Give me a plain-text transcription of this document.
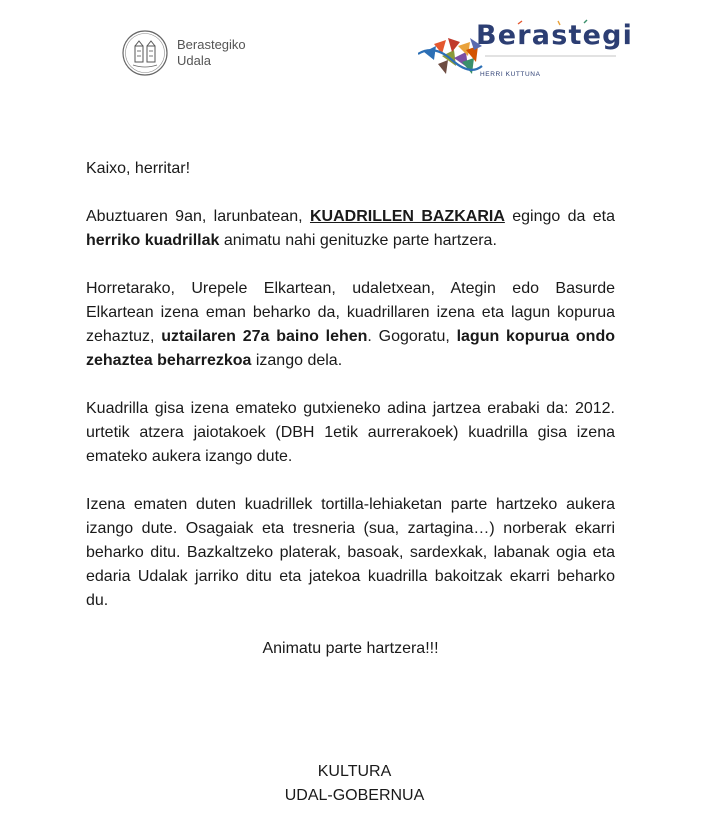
Berastegiko
Udala
Berastegi
HERRI KUTTUNA

Kaixo, herritar!

Abuztuaren 9an, larunbatean, KUADRILLEN BAZKARIA egingo da eta herriko kuadrillak animatu nahi genituzke parte hartzera.

Horretarako, Urepele Elkartean, udaletxean, Ategin edo Basurde Elkartean izena eman beharko da, kuadrillaren izena eta lagun kopurua zehaztuz, uztailaren 27a baino lehen. Gogoratu, lagun kopurua ondo zehaztea beharrezkoa izango dela.

Kuadrilla gisa izena emateko gutxieneko adina jartzea erabaki da: 2012. urtetik atzera jaiotakoek (DBH 1etik aurrerakoek) kuadrilla gisa izena emateko aukera izango dute.

Izena ematen duten kuadrillek tortilla-lehiaketan parte hartzeko aukera izango dute. Osagaiak eta tresneria (sua, zartagina…) norberak ekarri beharko ditu. Bazkaltzeko platerak, basoak, sardexkak, labanak ogia eta edaria Udalak jarriko ditu eta jatekoa kuadrilla bakoitzak ekarri beharko du.

Animatu parte hartzera!!!

KULTURA
UDAL-GOBERNUA
